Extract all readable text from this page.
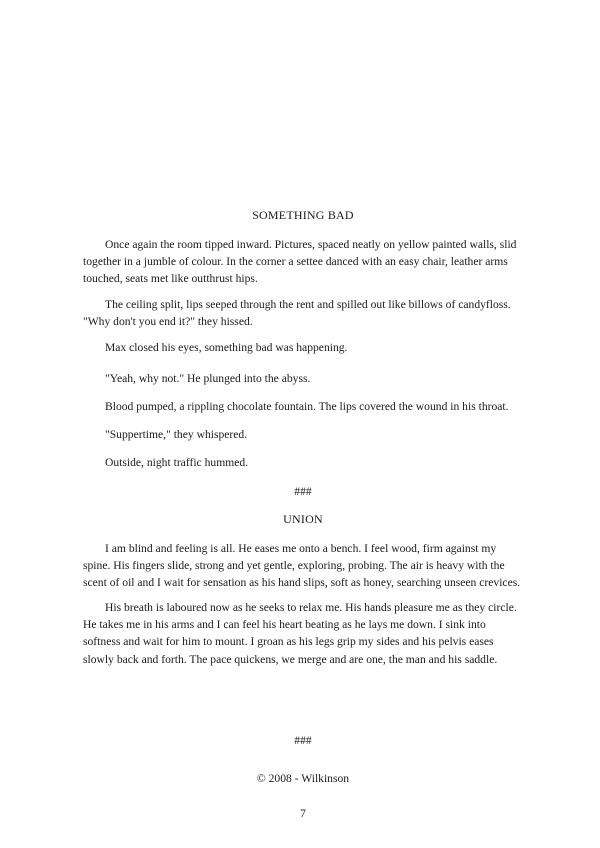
SOMETHING BAD

Once again the room tipped inward. Pictures, spaced neatly on yellow painted walls, slid together in a jumble of colour. In the corner a settee danced with an easy chair, leather arms touched, seats met like outthrust hips.

The ceiling split, lips seeped through the rent and spilled out like billows of candyfloss. "Why don't you end it?" they hissed.

Max closed his eyes, something bad was happening.

"Yeah, why not." He plunged into the abyss.

Blood pumped, a rippling chocolate fountain. The lips covered the wound in his throat.

"Suppertime," they whispered.

Outside, night traffic hummed.

###

UNION

I am blind and feeling is all. He eases me onto a bench. I feel wood, firm against my spine. His fingers slide, strong and yet gentle, exploring, probing. The air is heavy with the scent of oil and I wait for sensation as his hand slips, soft as honey, searching unseen crevices.

His breath is laboured now as he seeks to relax me. His hands pleasure me as they circle. He takes me in his arms and I can feel his heart beating as he lays me down. I sink into softness and wait for him to mount. I groan as his legs grip my sides and his pelvis eases slowly back and forth. The pace quickens, we merge and are one, the man and his saddle.

###

© 2008 - Wilkinson

7
